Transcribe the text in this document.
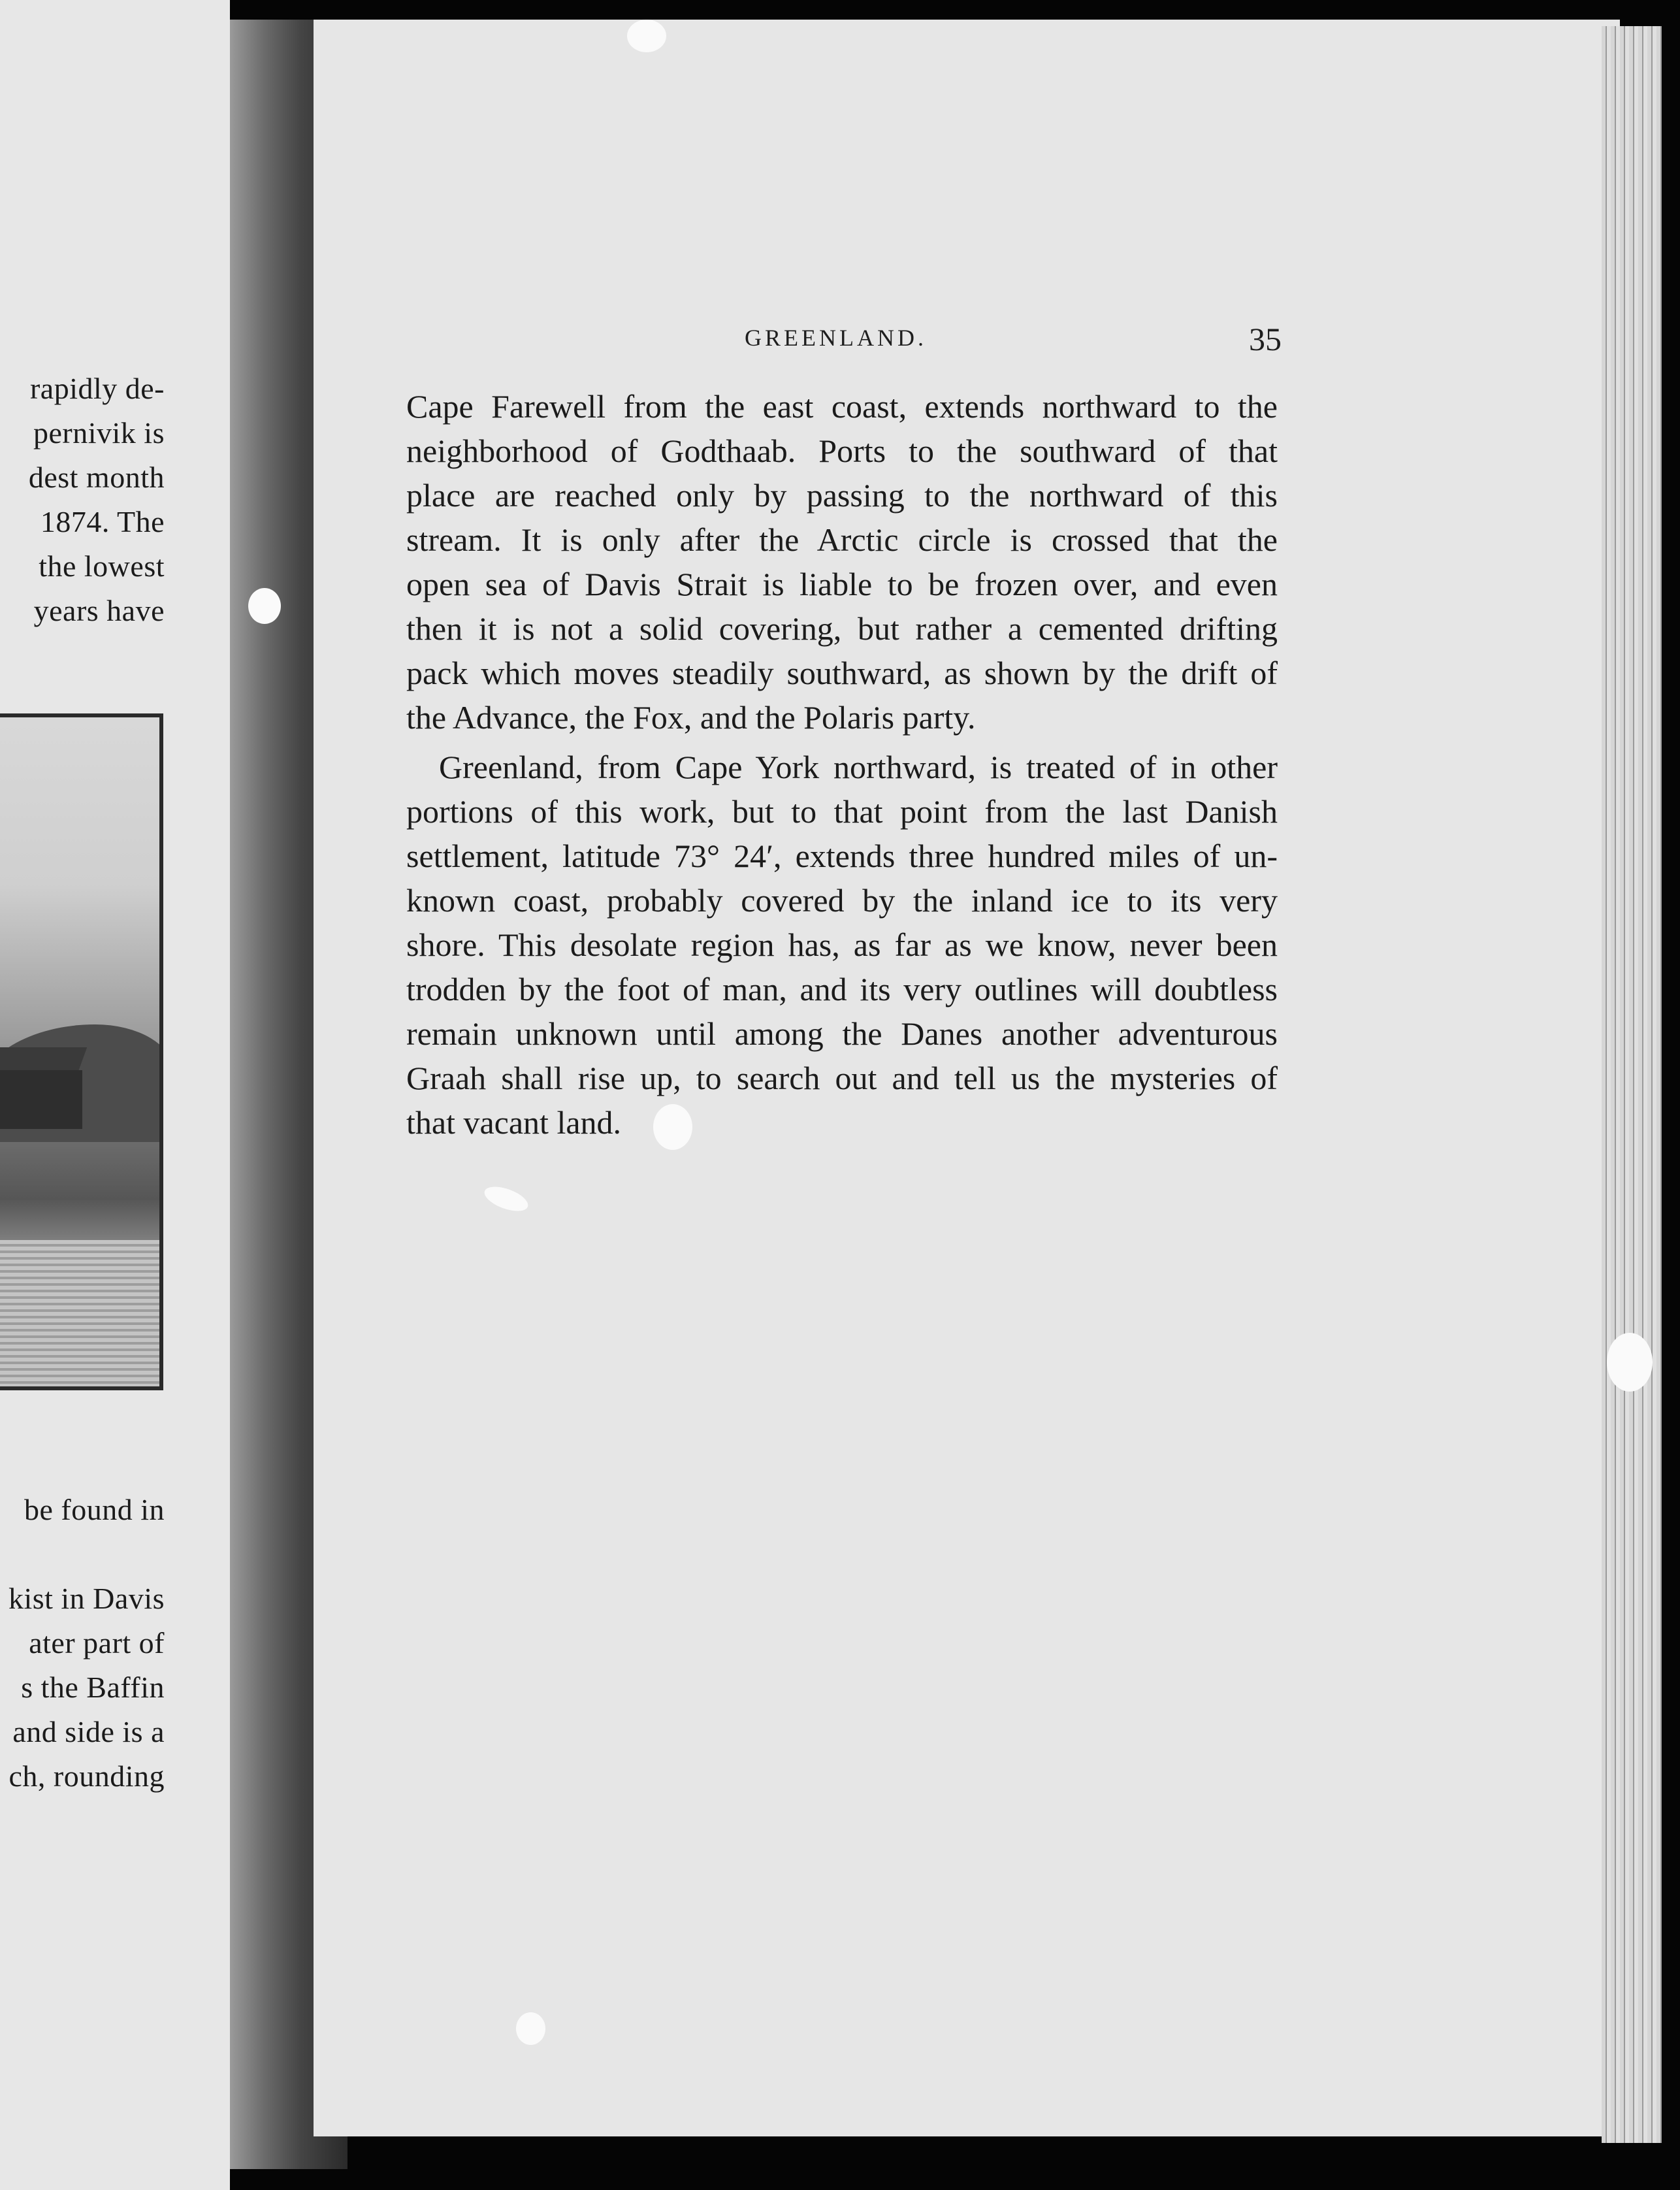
rapidly de-
pernivik is
dest month
1874. The
the lowest
years have
be found in
kist in Davis
ater part of
s the Baffin
and side is a
ch, rounding
GREENLAND.	35
Cape Farewell from the east coast, extends northward to the
neighborhood of Godthaab. Ports to the southward of that
place are reached only by passing to the northward of this
stream. It is only after the Arctic circle is crossed that the
open sea of Davis Strait is liable to be frozen over, and even
then it is not a solid covering, but rather a cemented drifting
pack which moves steadily southward, as shown by the drift of
the Advance, the Fox, and the Polaris party.
Greenland, from Cape York northward, is treated of in other
portions of this work, but to that point from the last Danish
settlement, latitude 73° 24′, extends three hundred miles of un-
known coast, probably covered by the inland ice to its very
shore. This desolate region has, as far as we know, never been
trodden by the foot of man, and its very outlines will doubtless
remain unknown until among the Danes another adventurous
Graah shall rise up, to search out and tell us the mysteries of
that vacant land.
